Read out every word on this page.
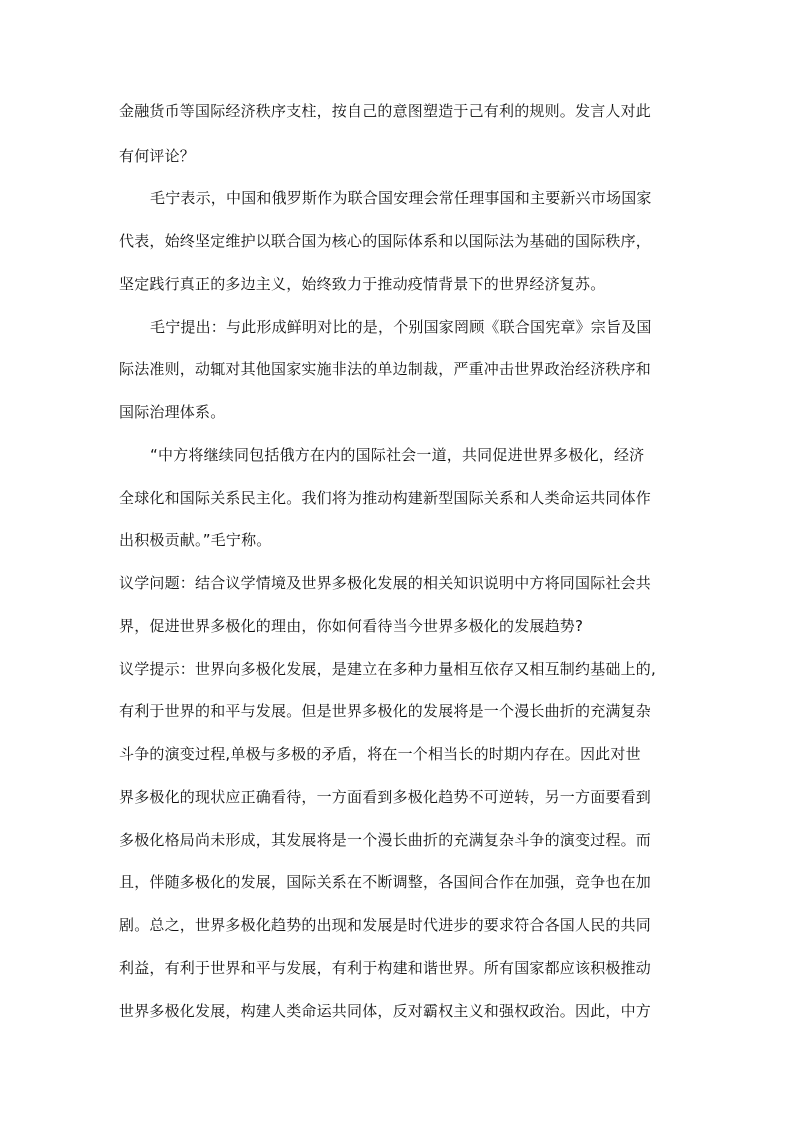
金融货币等国际经济秩序支柱，按自己的意图塑造于己有利的规则。发言人对此

有何评论？

毛宁表示，中国和俄罗斯作为联合国安理会常任理事国和主要新兴市场国家

代表，始终坚定维护以联合国为核心的国际体系和以国际法为基础的国际秩序，

坚定践行真正的多边主义，始终致力于推动疫情背景下的世界经济复苏。

毛宁提出：与此形成鲜明对比的是，个别国家罔顾《联合国宪章》宗旨及国

际法准则，动辄对其他国家实施非法的单边制裁，严重冲击世界政治经济秩序和

国际治理体系。

“中方将继续同包括俄方在内的国际社会一道，共同促进世界多极化，经济

全球化和国际关系民主化。我们将为推动构建新型国际关系和人类命运共同体作

出积极贡献。”毛宁称。

议学问题：结合议学情境及世界多极化发展的相关知识说明中方将同国际社会共

界，促进世界多极化的理由，你如何看待当今世界多极化的发展趋势?

议学提示：世界向多极化发展，是建立在多种力量相互依存又相互制约基础上的,

有利于世界的和平与发展。但是世界多极化的发展将是一个漫长曲折的充满复杂

斗争的演变过程,单极与多极的矛盾，将在一个相当长的时期内存在。因此对世

界多极化的现状应正确看待，一方面看到多极化趋势不可逆转，另一方面要看到

多极化格局尚未形成，其发展将是一个漫长曲折的充满复杂斗争的演变过程。而

且，伴随多极化的发展，国际关系在不断调整，各国间合作在加强，竞争也在加

剧。总之，世界多极化趋势的出现和发展是时代进步的要求符合各国人民的共同

利益，有利于世界和平与发展，有利于构建和谐世界。所有国家都应该积极推动

世界多极化发展，构建人类命运共同体，反对霸权主义和强权政治。因此，中方
